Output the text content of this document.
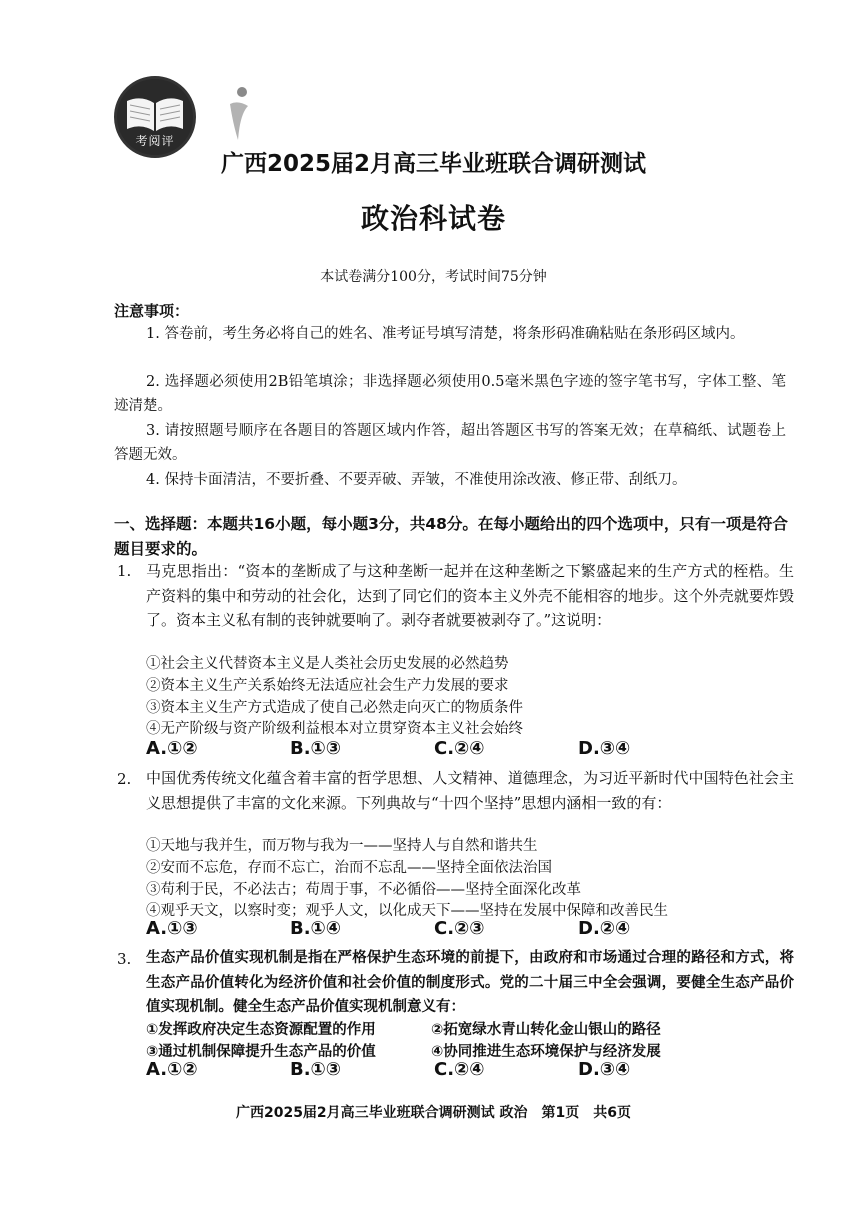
考阅评
广西2025届2月高三毕业班联合调研测试
政治科试卷
本试卷满分100分，考试时间75分钟
注意事项：

1. 答卷前，考生务必将自己的姓名、准考证号填写清楚，将条形码准确粘贴在条形码区域内。

2. 选择题必须使用2B铅笔填涂；非选择题必须使用0.5毫米黑色字迹的签字笔书写，字体工整、笔迹清楚。

3. 请按照题号顺序在各题目的答题区域内作答，超出答题区书写的答案无效；在草稿纸、试题卷上答题无效。

4. 保持卡面清洁，不要折叠、不要弄破、弄皱，不准使用涂改液、修正带、刮纸刀。

一、选择题：本题共16小题，每小题3分，共48分。在每小题给出的四个选项中，只有一项是符合题目要求的。
1. 马克思指出：“资本的垄断成了与这种垄断一起并在这种垄断之下繁盛起来的生产方式的桎梏。生产资料的集中和劳动的社会化，达到了同它们的资本主义外壳不能相容的地步。这个外壳就要炸毁了。资本主义私有制的丧钟就要响了。剥夺者就要被剥夺了。”这说明：

①社会主义代替资本主义是人类社会历史发展的必然趋势
②资本主义生产关系始终无法适应社会生产力发展的要求
③资本主义生产方式造成了使自己必然走向灭亡的物质条件
④无产阶级与资产阶级利益根本对立贯穿资本主义社会始终
A.①②	B.①③	C.②④	D.③④
2. 中国优秀传统文化蕴含着丰富的哲学思想、人文精神、道德理念，为习近平新时代中国特色社会主义思想提供了丰富的文化来源。下列典故与“十四个坚持”思想内涵相一致的有：

①天地与我并生，而万物与我为一——坚持人与自然和谐共生
②安而不忘危，存而不忘亡，治而不忘乱——坚持全面依法治国
③苟利于民，不必法古；苟周于事，不必循俗——坚持全面深化改革
④观乎天文，以察时变；观乎人文，以化成天下——坚持在发展中保障和改善民生
A.①③	B.①④	C.②③	D.②④
3. 生态产品价值实现机制是指在严格保护生态环境的前提下，由政府和市场通过合理的路径和方式，将生态产品价值转化为经济价值和社会价值的制度形式。党的二十届三中全会强调，要健全生态产品价值实现机制。健全生态产品价值实现机制意义有：

①发挥政府决定生态资源配置的作用	②拓宽绿水青山转化金山银山的路径
③通过机制保障提升生态产品的价值	④协同推进生态环境保护与经济发展
A.①②	B.①③	C.②④	D.③④
广西2025届2月高三毕业班联合调研测试 政治　第1页　共6页
